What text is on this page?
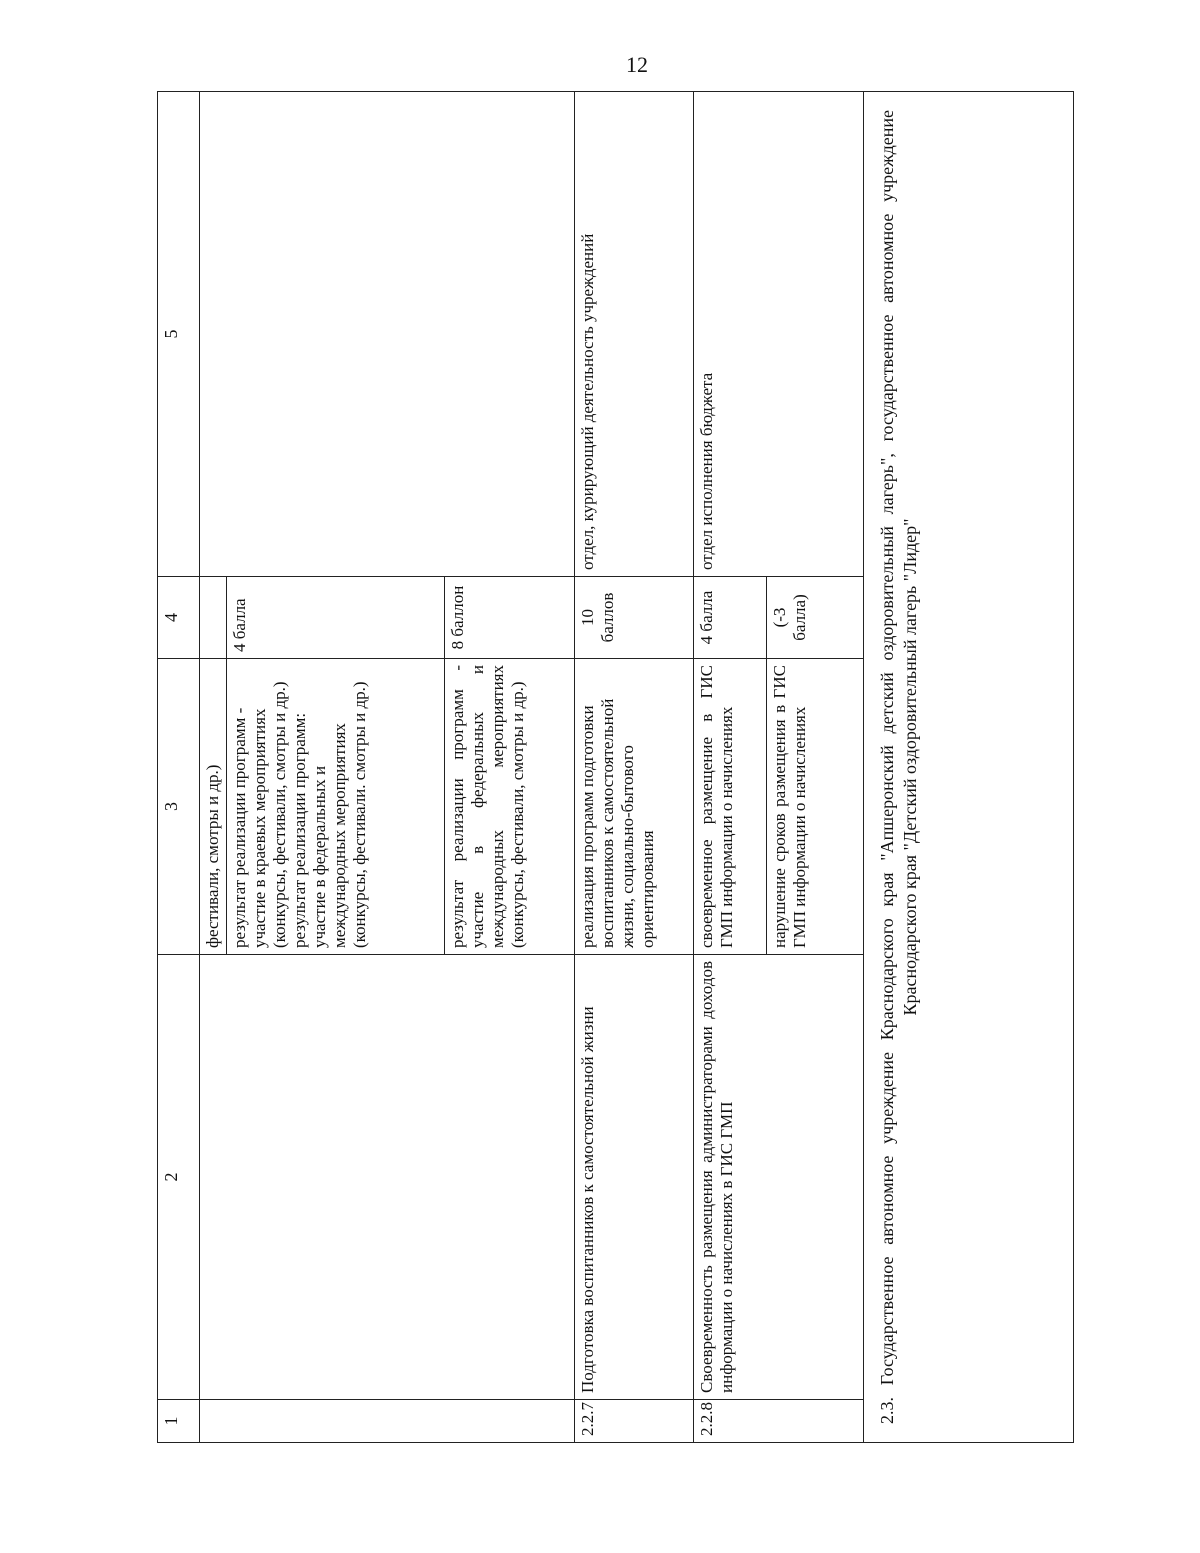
12
1	2	3	4	5
		фестивали, смотры и др.)		
		результат реализации программ - участие в краевых мероприятиях (конкурсы, фестивали, смотры и др.) результат реализации программ: участие в федеральных и международных мероприятиях (конкурсы, фестивали. смотры и др.)	4 балла	
		результат реализации программ - участие в федеральных и международных мероприятиях (конкурсы, фестивали, смотры и др.)	8 баллон	
2.2.7	Подготовка воспитанников к самостоятельной жизни	реализация программ подготовки воспитанников к самостоятельной жизни, социально-бытового ориентирования	10 баллов	отдел, курирующий деятельность учреждений
2.2.8	Своевременность размещения администраторами доходов информации о начислениях в ГИС ГМП	своевременное размещение в ГИС ГМП информации о начислениях	4 балла	отдел исполнения бюджета
		нарушение сроков размещения в ГИС ГМП информации о начислениях	(-3 балла)	
2.3. Государственное автономное учреждение Краснодарского края "Апшеронский детский оздоровительный лагерь", государственное автономное учреждение Краснодарского края "Детский оздоровительный лагерь "Лидер"				
